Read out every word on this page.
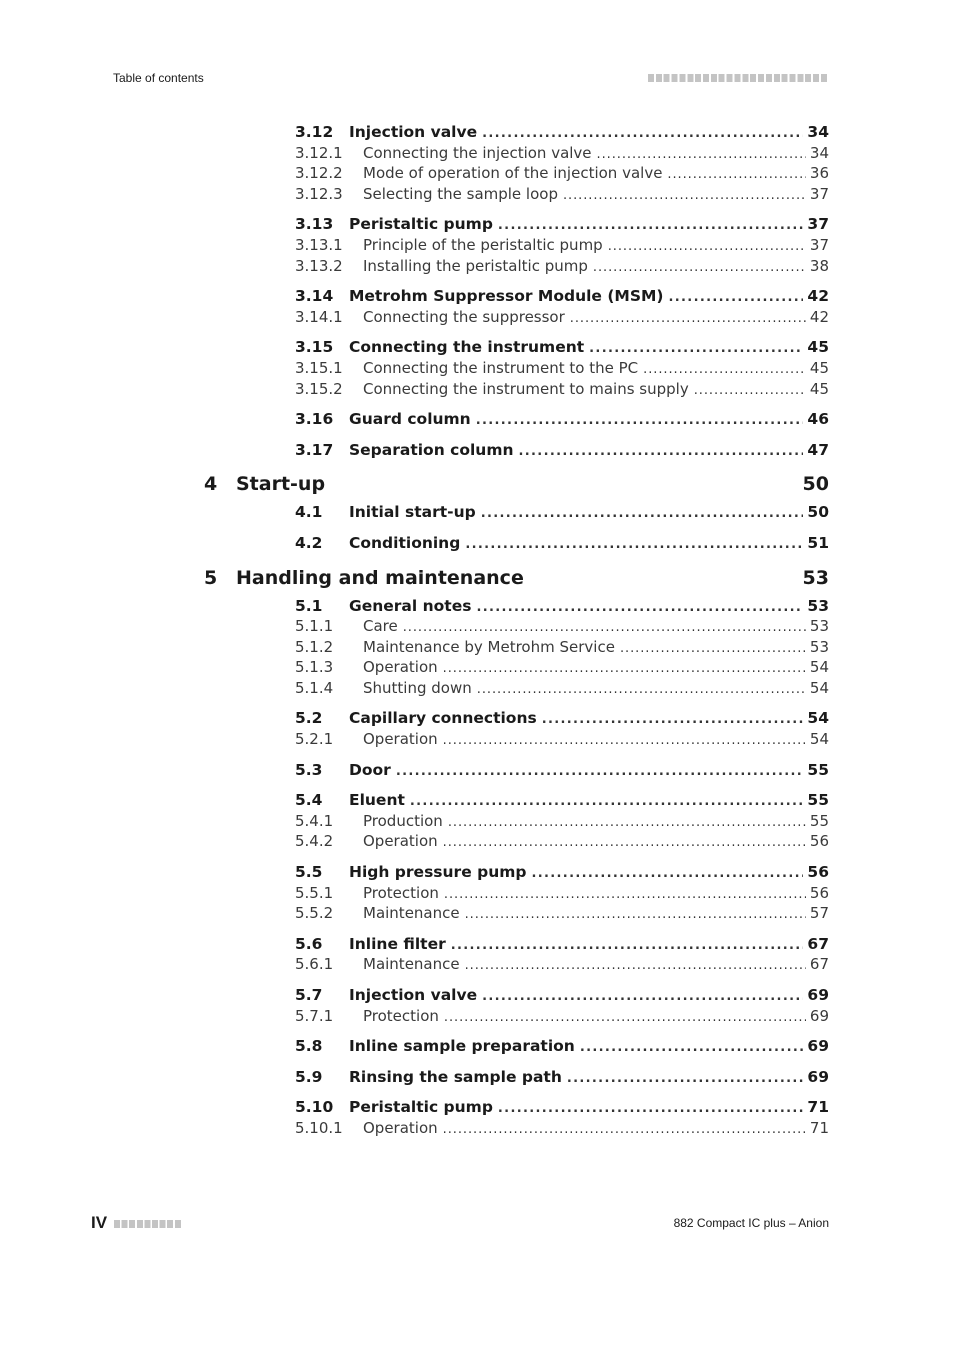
Table of contents
3.12 Injection valve . . .	34
3.12.1 Connecting the injection valve . . .	34
3.12.2 Mode of operation of the injection valve . . .	36
3.12.3 Selecting the sample loop . . .	37
3.13 Peristaltic pump . . .	37
3.13.1 Principle of the peristaltic pump . . .	37
3.13.2 Installing the peristaltic pump . . .	38
3.14 Metrohm Suppressor Module (MSM) . . .	42
3.14.1 Connecting the suppressor . . .	42
3.15 Connecting the instrument . . .	45
3.15.1 Connecting the instrument to the PC . . .	45
3.15.2 Connecting the instrument to mains supply . . .	45
3.16 Guard column . . .	46
3.17 Separation column . . .	47
4 Start-up	50
4.1 Initial start-up . . .	50
4.2 Conditioning . . .	51
5 Handling and maintenance	53
5.1 General notes . . .	53
5.1.1 Care . . .	53
5.1.2 Maintenance by Metrohm Service . . .	53
5.1.3 Operation . . .	54
5.1.4 Shutting down . . .	54
5.2 Capillary connections . . .	54
5.2.1 Operation . . .	54
5.3 Door . . .	55
5.4 Eluent . . .	55
5.4.1 Production . . .	55
5.4.2 Operation . . .	56
5.5 High pressure pump . . .	56
5.5.1 Protection . . .	56
5.5.2 Maintenance . . .	57
5.6 Inline filter . . .	67
5.6.1 Maintenance . . .	67
5.7 Injection valve . . .	69
5.7.1 Protection . . .	69
5.8 Inline sample preparation . . .	69
5.9 Rinsing the sample path . . .	69
5.10 Peristaltic pump . . .	71
5.10.1 Operation . . .	71
IV	882 Compact IC plus – Anion
